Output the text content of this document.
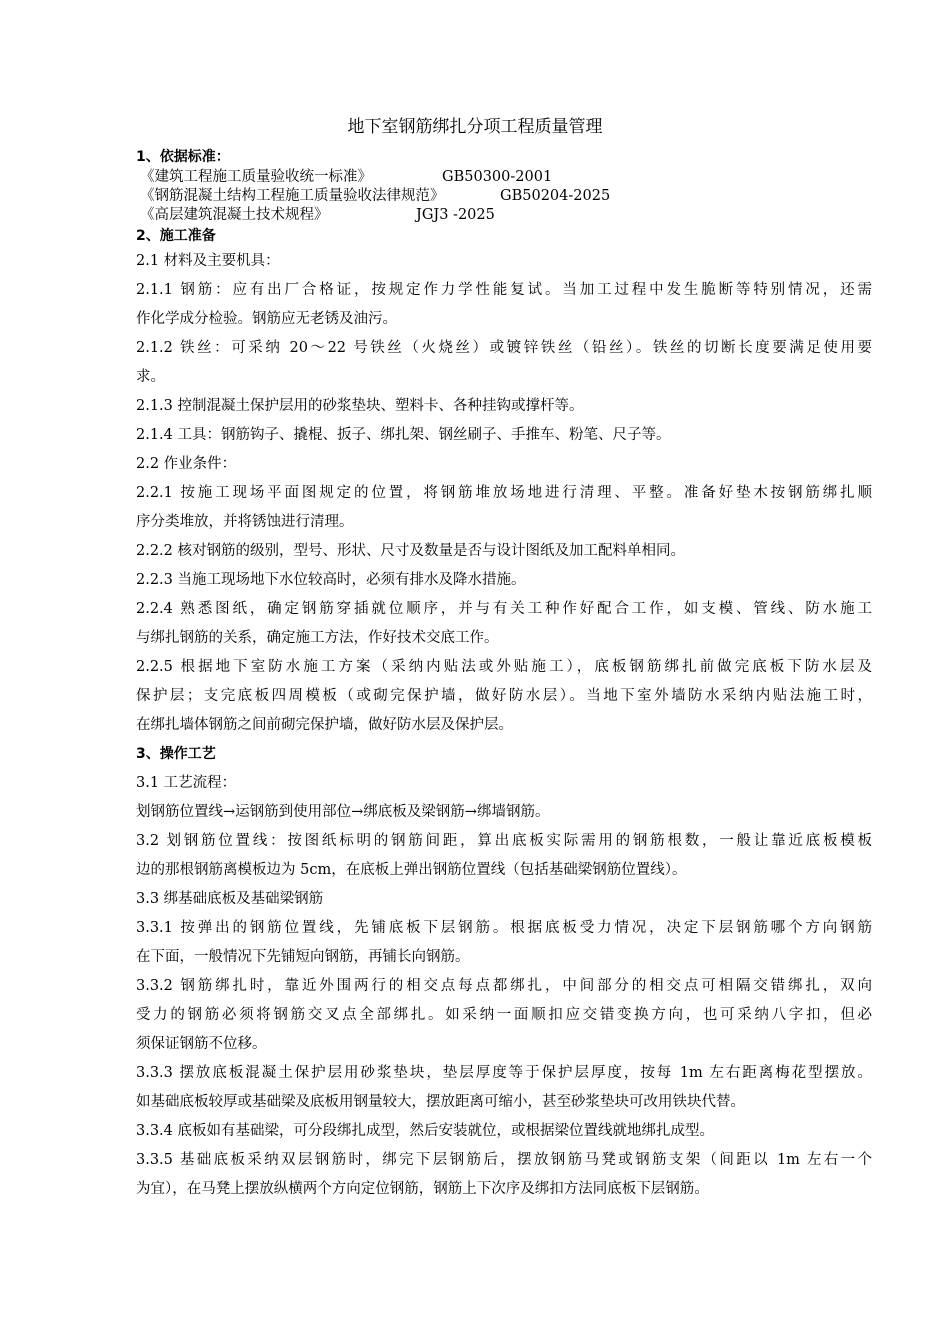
地下室钢筋绑扎分项工程质量管理
1、依据标准：
《建筑工程施工质量验收统一标准》	GB50300-2001
《钢筋混凝土结构工程施工质量验收法律规范》	GB50204-2025
《高层建筑混凝土技术规程》	JGJ3 -2025
2、施工准备
2.1 材料及主要机具：
2.1.1 钢筋：应有出厂合格证，按规定作力学性能复试。当加工过程中发生脆断等特别情况，还需
作化学成分检验。钢筋应无老锈及油污。
2.1.2 铁丝：可采纳 20～22 号铁丝（火烧丝）或镀锌铁丝（铅丝）。铁丝的切断长度要满足使用要
求。
2.1.3 控制混凝土保护层用的砂浆垫块、塑料卡、各种挂钩或撑杆等。
2.1.4 工具：钢筋钩子、撬棍、扳子、绑扎架、钢丝刷子、手推车、粉笔、尺子等。
2.2 作业条件：
2.2.1 按施工现场平面图规定的位置，将钢筋堆放场地进行清理、平整。准备好垫木按钢筋绑扎顺
序分类堆放，并将锈蚀进行清理。
2.2.2 核对钢筋的级别，型号、形状、尺寸及数量是否与设计图纸及加工配料单相同。
2.2.3 当施工现场地下水位较高时，必须有排水及降水措施。
2.2.4 熟悉图纸，确定钢筋穿插就位顺序，并与有关工种作好配合工作，如支模、管线、防水施工
与绑扎钢筋的关系，确定施工方法，作好技术交底工作。
2.2.5 根据地下室防水施工方案（采纳内贴法或外贴施工），底板钢筋绑扎前做完底板下防水层及
保护层；支完底板四周模板（或砌完保护墙，做好防水层）。当地下室外墙防水采纳内贴法施工时，
在绑扎墙体钢筋之间前砌完保护墙，做好防水层及保护层。
3、操作工艺
3.1 工艺流程：
划钢筋位置线→运钢筋到使用部位→绑底板及梁钢筋→绑墙钢筋。
3.2 划钢筋位置线：按图纸标明的钢筋间距，算出底板实际需用的钢筋根数，一般让靠近底板模板
边的那根钢筋离模板边为 5cm，在底板上弹出钢筋位置线（包括基础梁钢筋位置线）。
3.3 绑基础底板及基础梁钢筋
3.3.1 按弹出的钢筋位置线，先铺底板下层钢筋。根据底板受力情况，决定下层钢筋哪个方向钢筋
在下面，一般情况下先铺短向钢筋，再铺长向钢筋。
3.3.2 钢筋绑扎时，靠近外围两行的相交点每点都绑扎，中间部分的相交点可相隔交错绑扎，双向
受力的钢筋必须将钢筋交叉点全部绑扎。如采纳一面顺扣应交错变换方向，也可采纳八字扣，但必
须保证钢筋不位移。
3.3.3 摆放底板混凝土保护层用砂浆垫块，垫层厚度等于保护层厚度，按每 1m 左右距离梅花型摆放。
如基础底板较厚或基础梁及底板用钢量较大，摆放距离可缩小，甚至砂浆垫块可改用铁块代替。
3.3.4 底板如有基础梁，可分段绑扎成型，然后安装就位，或根据梁位置线就地绑扎成型。
3.3.5 基础底板采纳双层钢筋时，绑完下层钢筋后，摆放钢筋马凳或钢筋支架（间距以 1m 左右一个
为宜），在马凳上摆放纵横两个方向定位钢筋，钢筋上下次序及绑扣方法同底板下层钢筋。
